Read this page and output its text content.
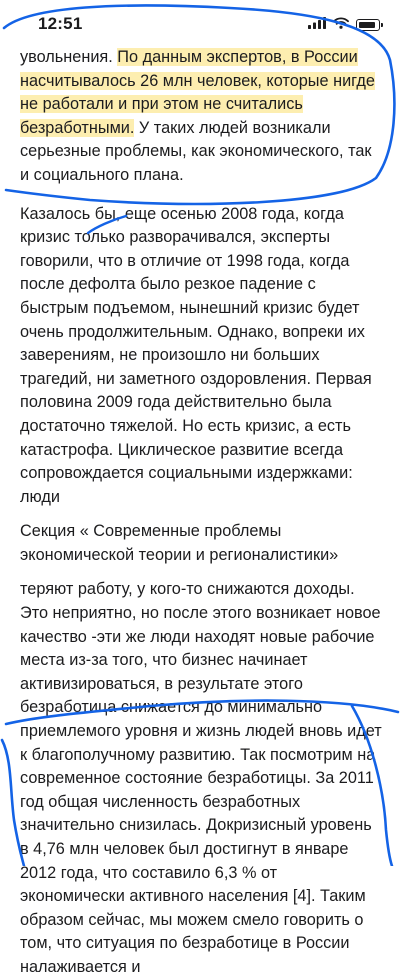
12:51

увольнения. По данным экспертов, в России насчитывалось 26 млн человек, которые нигде не работали и при этом не считались безработными. У таких людей возникали серьезные проблемы, как экономического, так и социального плана.

Казалось бы, еще осенью 2008 года, когда кризис только разворачивался, эксперты говорили, что в отличие от 1998 года, когда после дефолта было резкое падение с быстрым подъемом, нынешний кризис будет очень продолжительным. Однако, вопреки их заверениям, не произошло ни больших трагедий, ни заметного оздоровления. Первая половина 2009 года действительно была достаточно тяжелой. Но есть кризис, а есть катастрофа. Циклическое развитие всегда сопровождается социальными издержками: люди

Секция « Современные проблемы экономической теории и регионалистики»

теряют работу, у кого-то снижаются доходы. Это неприятно, но после этого возникает новое качество -эти же люди находят новые рабочие места из-за того, что бизнес начинает активизироваться, в результате этого безработица снижается до минимально приемлемого уровня и жизнь людей вновь идет к благополучному развитию. Так посмотрим на современное состояние безработицы. За 2011 год общая численность безработных значительно снизилась. Докризисный уровень в 4,76 млн человек был достигнут в январе 2012 года, что составило 6,3 % от экономически активного населения [4]. Таким образом сейчас, мы можем смело говорить о том, что ситуация по безработице в России налаживается и
